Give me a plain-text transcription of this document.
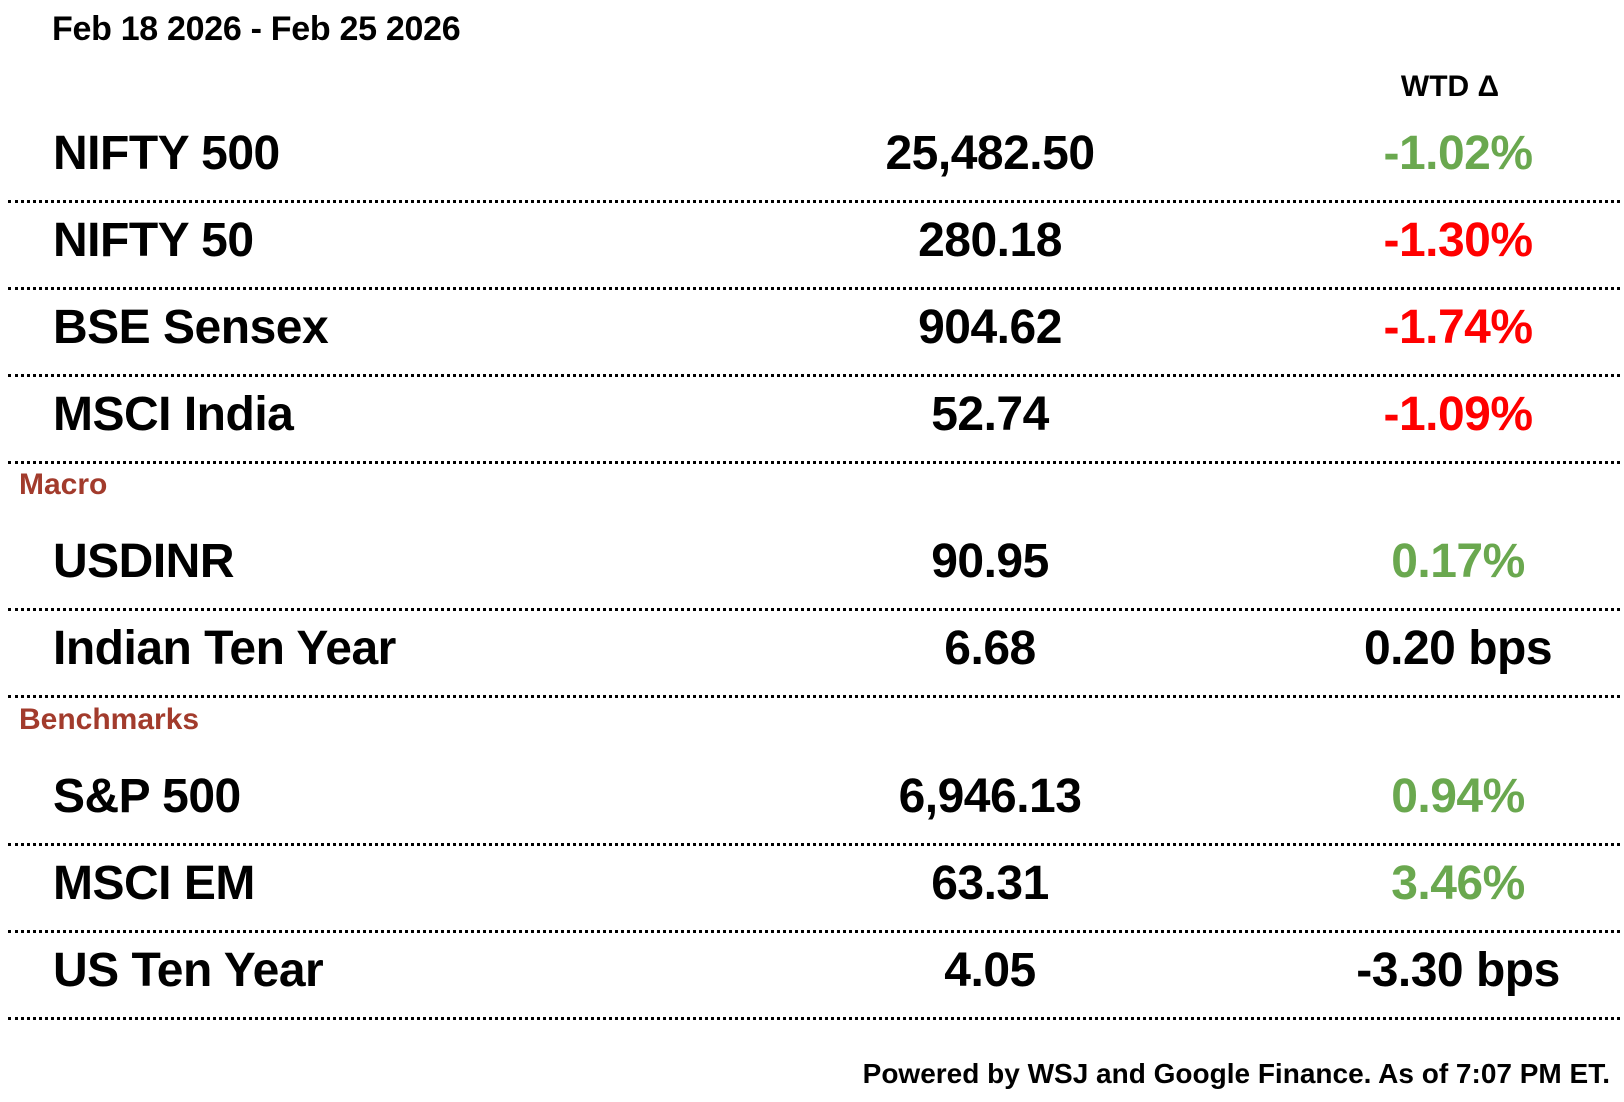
Feb 18 2026 - Feb 25 2026
WTD Δ
NIFTY 500	25,482.50	-1.02%
NIFTY 50	280.18	-1.30%
BSE Sensex	904.62	-1.74%
MSCI India	52.74	-1.09%
Macro
USDINR	90.95	0.17%
Indian Ten Year	6.68	0.20 bps
Benchmarks
S&P 500	6,946.13	0.94%
MSCI EM	63.31	3.46%
US Ten Year	4.05	-3.30 bps
Powered by WSJ and Google Finance. As of 7:07 PM ET.
